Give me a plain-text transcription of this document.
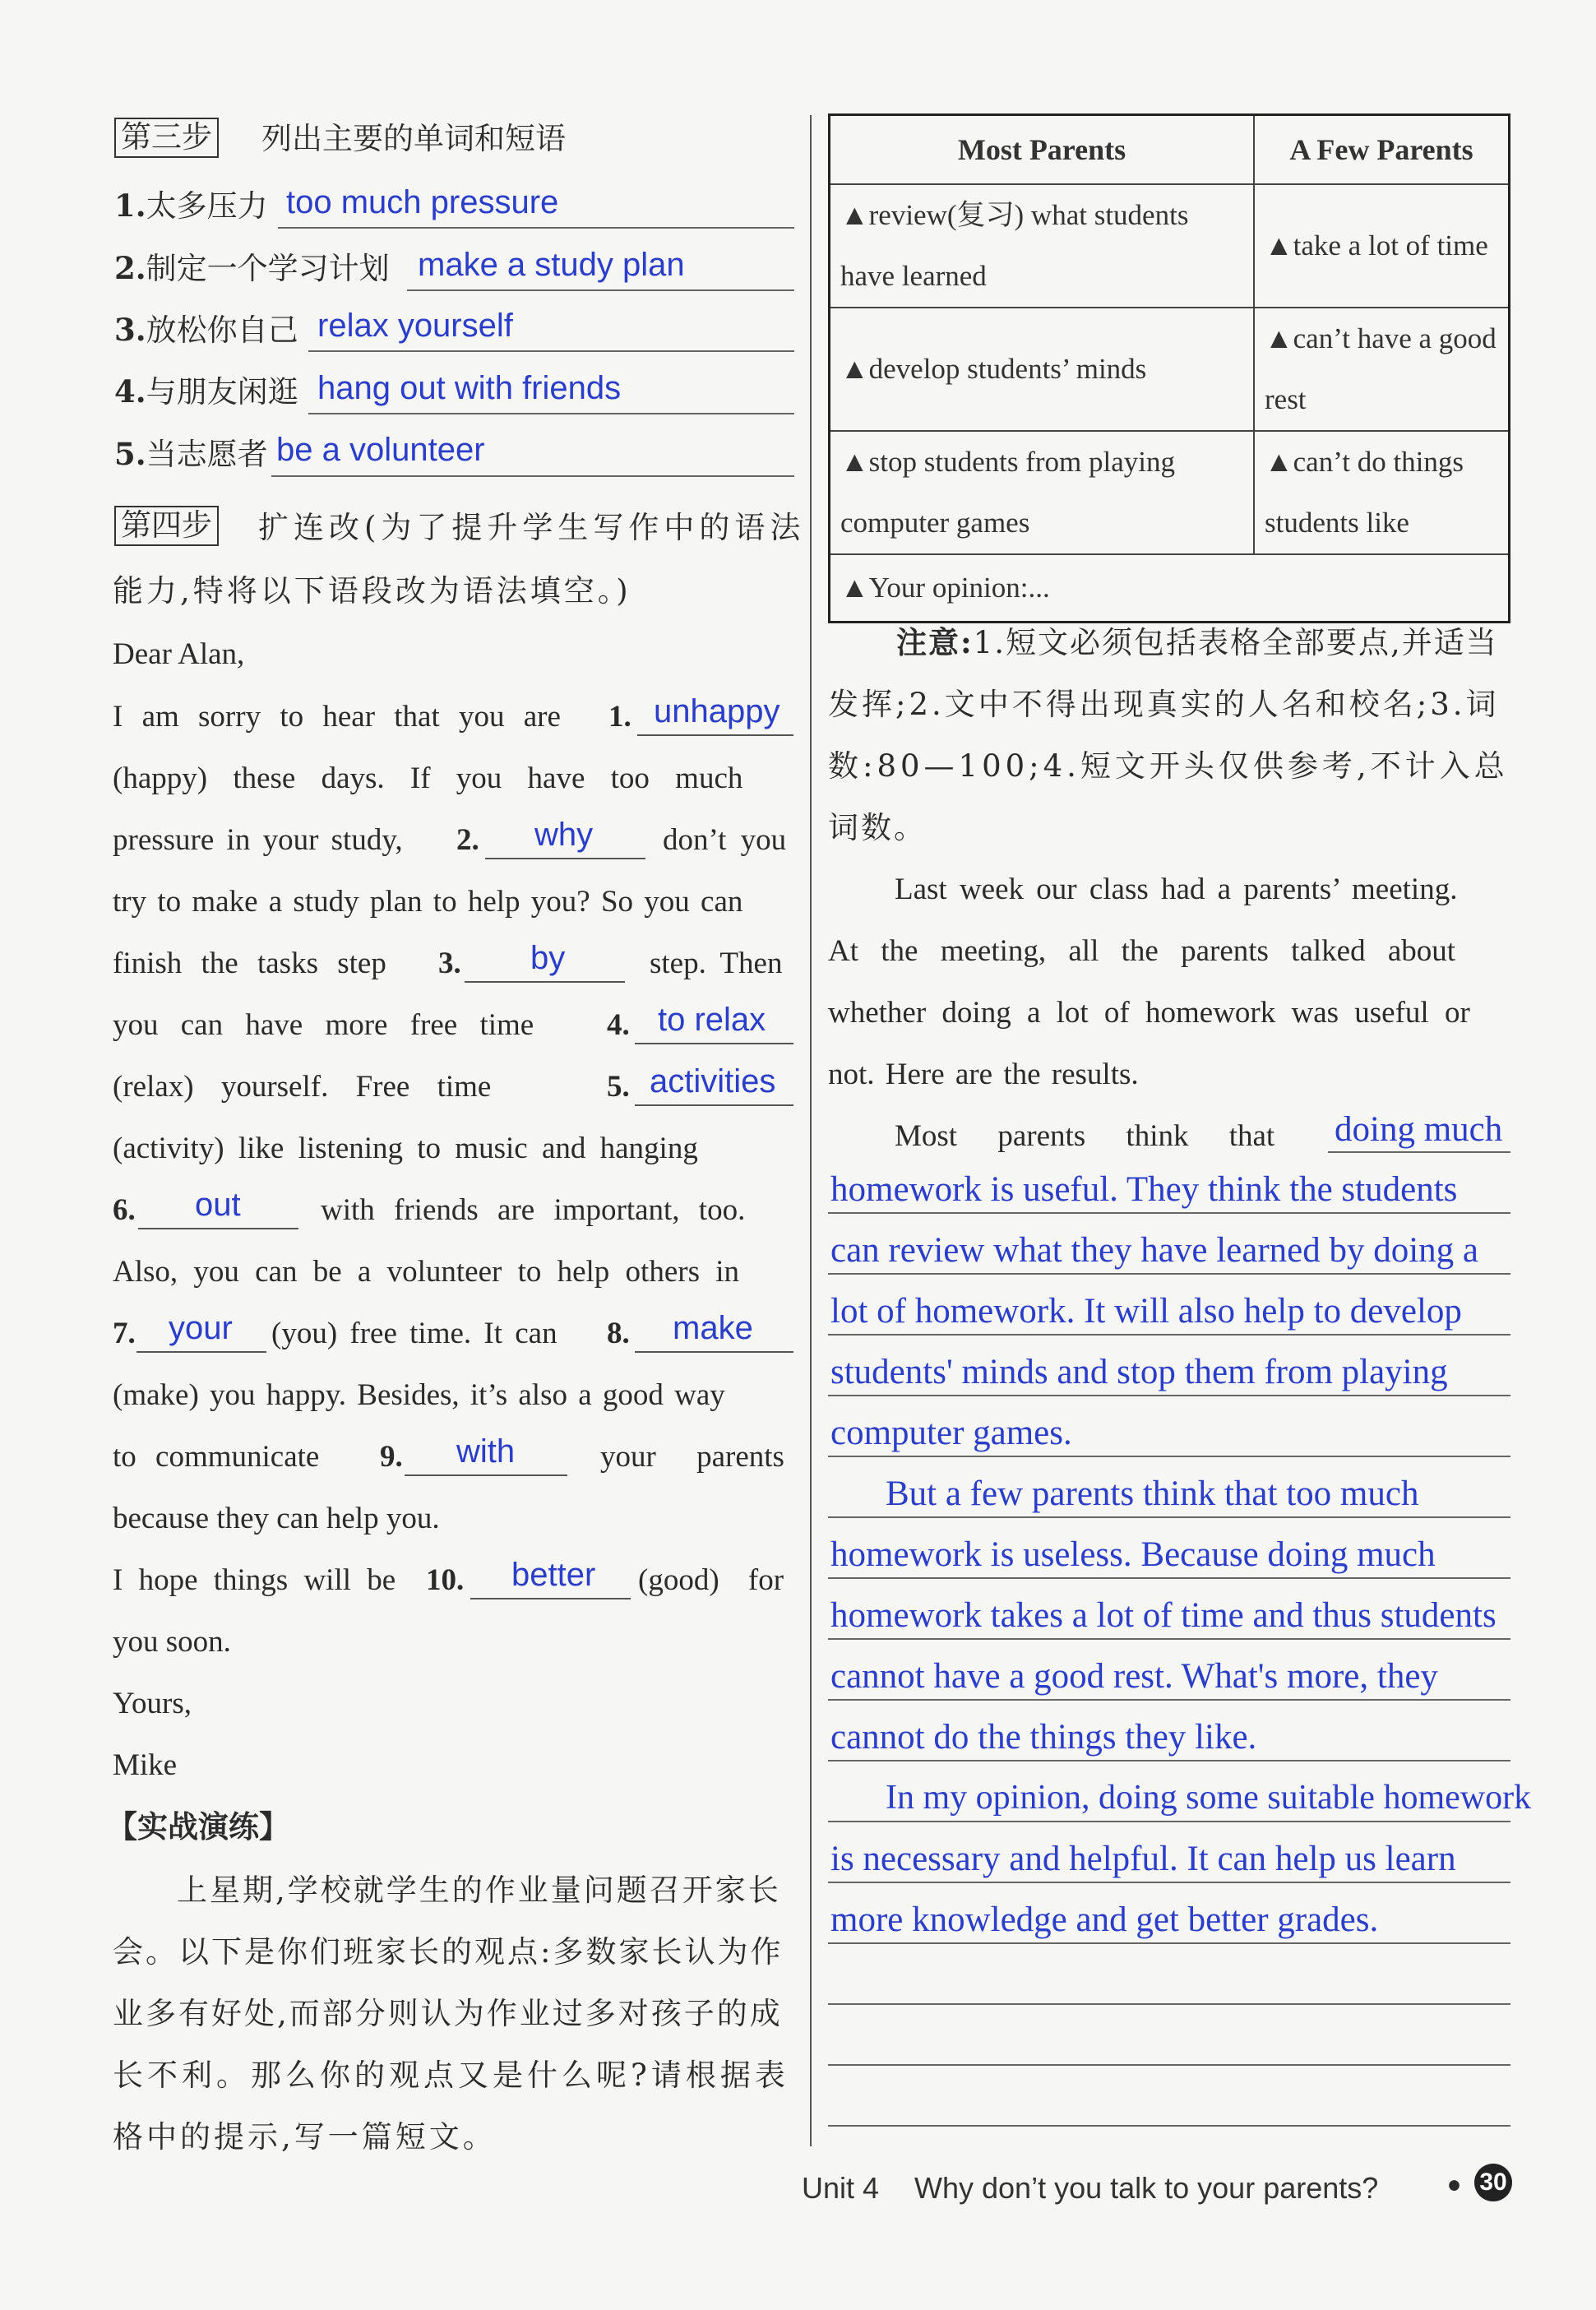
第三步 列出主要的单词和短语
1.太多压力 too much pressure
2.制定一个学习计划 make a study plan
3.放松你自己 relax yourself
4.与朋友闲逛 hang out with friends
5.当志愿者 be a volunteer
第四步 扩连改(为了提升学生写作中的语法
能力,特将以下语段改为语法填空。)
Dear Alan,
I am sorry to hear that you are 1. unhappy
(happy) these days. If you have too much
pressure in your study, 2. why don’t you
try to make a study plan to help you? So you can
finish the tasks step 3. by	step. Then
you can have more free time 4. to relax
(relax) yourself. Free time	5. activities
(activity) like listening to music and hanging
6. out	with friends are important, too.
Also, you can be a volunteer to help others in
7. your (you) free time. It can 8. make
(make) you happy. Besides, it’s also a good way
to communicate 9. with	your parents
because they can help you.
I hope things will be 10. better (good) for
you soon.
Yours,
Mike
【实战演练】
上星期,学校就学生的作业量问题召开家长
会。以下是你们班家长的观点:多数家长认为作
业多有好处,而部分则认为作业过多对孩子的成
长不利。那么你的观点又是什么呢?请根据表
格中的提示,写一篇短文。
Most Parents	A Few Parents
▲review(复习) what students have learned	▲take a lot of time
▲develop students’ minds	▲can’t have a good rest
▲stop students from playing computer games	▲can’t do things students like
▲Your opinion:...	
注意:1.短文必须包括表格全部要点,并适当
发挥;2.文中不得出现真实的人名和校名;3.词
数:80—100;4.短文开头仅供参考,不计入总
词数。
Last week our class had a parents’ meeting.
At the meeting, all the parents talked about
whether doing a lot of homework was useful or
not. Here are the results.
Most parents think that doing much
homework is useful. They think the students
can review what they have learned by doing a
lot of homework. It will also help to develop
students' minds and stop them from playing
computer games.
But a few parents think that too much
homework is useless. Because doing much
homework takes a lot of time and thus students
cannot have a good rest. What's more, they
cannot do the things they like.
In my opinion, doing some suitable homework
is necessary and helpful. It can help us learn
more knowledge and get better grades.
Unit 4 Why don’t you talk to your parents? • 30
